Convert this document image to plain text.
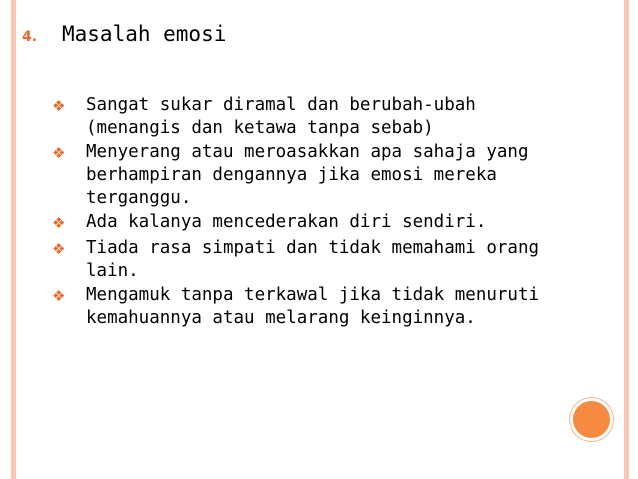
4.	Masalah emosi
❖	Sangat sukar diramal dan berubah-ubah
(menangis dan ketawa tanpa sebab)
❖	Menyerang atau meroasakkan apa sahaja yang
berhampiran dengannya jika emosi mereka
terganggu.
❖	Ada kalanya mencederakan diri sendiri.
❖	Tiada rasa simpati dan tidak memahami orang
lain.
❖	Mengamuk tanpa terkawal jika tidak menuruti
kemahuannya atau melarang keinginnya.
